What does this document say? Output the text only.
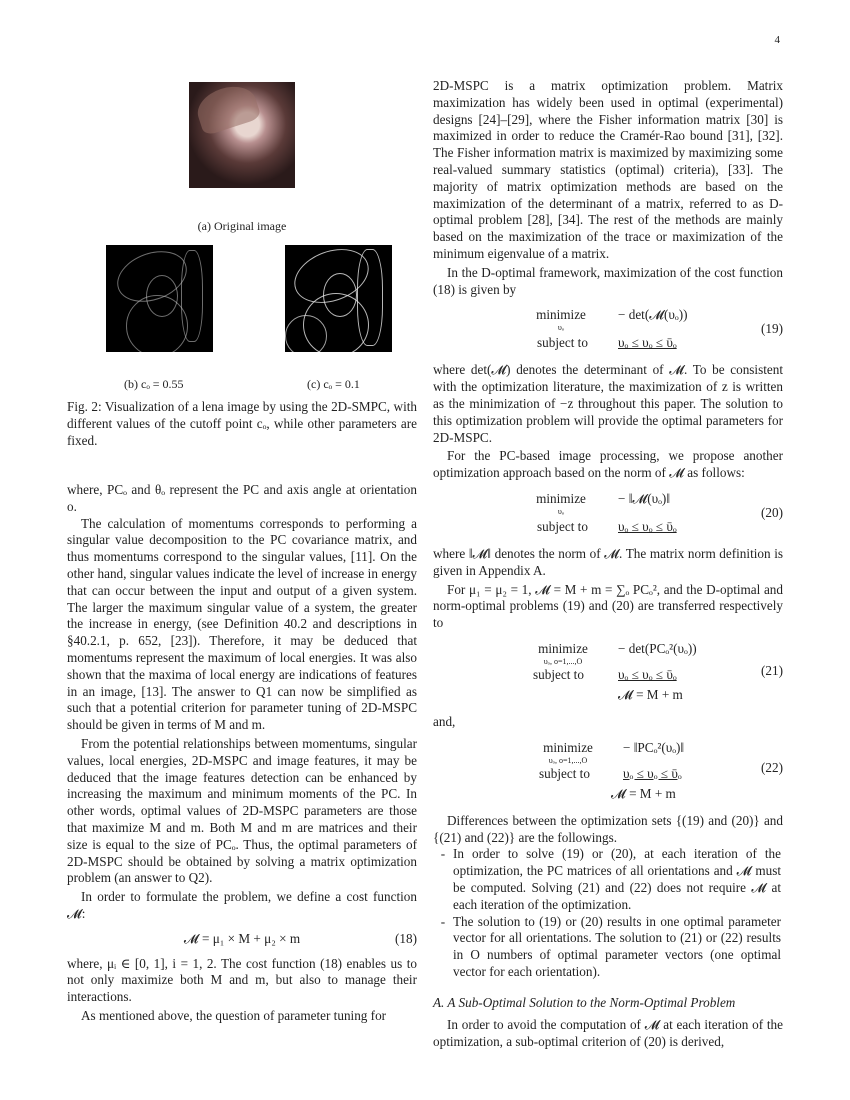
4
(a) Original image
(b) cₒ = 0.55	(c) cₒ = 0.1
Fig. 2: Visualization of a lena image by using the 2D-SMPC, with different values of the cutoff point cₒ, while other parameters are fixed.

where, PCₒ and θₒ represent the PC and axis angle at orientation o.

The calculation of momentums corresponds to performing a singular value decomposition to the PC covariance matrix, and thus momentums correspond to the singular values, [11]. On the other hand, singular values indicate the level of increase in energy that can occur between the input and output of a given system. The larger the maximum singular value of a system, the greater the increase in energy, (see Definition 40.2 and descriptions in §40.2.1, p. 652, [23]). Therefore, it may be deduced that momentums represent the maximum of local energies. It was also shown that the maxima of local energy are indications of features in an image, [13]. The answer to Q1 can now be simplified as such that a potential criterion for parameter tuning of 2D-MSPC should be given in terms of M and m.

From the potential relationships between momentums, singular values, local energies, 2D-MSPC and image features, it may be deduced that the image features detection can be enhanced by increasing the maximum and minimum moments of the PC. In other words, optimal values of 2D-MSPC parameters are those that maximize M and m. Both M and m are matrices and their size is equal to the size of PCₒ. Thus, the optimal parameters of 2D-MSPC should be obtained by solving a matrix optimization problem (an answer to Q2).

In order to formulate the problem, we define a cost function 𝓜:

𝓜 = μ₁ × M + μ₂ × m	(18)

where, μᵢ ∈ [0, 1], i = 1, 2. The cost function (18) enables us to not only maximize both M and m, but also to manage their interactions.

As mentioned above, the question of parameter tuning for

2D-MSPC is a matrix optimization problem. Matrix maximization has widely been used in optimal (experimental) designs [24]–[29], where the Fisher information matrix [30] is maximized in order to reduce the Cramér-Rao bound [31], [32]. The Fisher information matrix is maximized by maximizing some real-valued summary statistics (optimal) criteria), [33]. The majority of matrix optimization methods are based on the maximization of the determinant of a matrix, referred to as D-optimal problem [28], [34]. The rest of the methods are mainly based on the maximization of the trace or maximization of the minimum eigenvalue of a matrix.

In the D-optimal framework, maximization of the cost function (18) is given by

minimize
υₒ
− det(𝓜(υₒ))
subject to υₒ ≤ υₒ ≤ ῡₒ
(19)

where det(𝓜) denotes the determinant of 𝓜. To be consistent with the optimization literature, the maximization of z is written as the minimization of −z throughout this paper. The solution to this optimization problem will provide the optimal parameters for 2D-MSPC.

For the PC-based image processing, we propose another optimization approach based on the norm of 𝓜 as follows:

minimize
υₒ
− ‖𝓜(υₒ)‖
subject to υₒ ≤ υₒ ≤ ῡₒ
(20)

where ‖𝓜‖ denotes the norm of 𝓜. The matrix norm definition is given in Appendix A.

For μ₁ = μ₂ = 1, 𝓜 = M + m = ∑ₒ PCₒ², and the D-optimal and norm-optimal problems (19) and (20) are transferred respectively to

minimize
υₒ, o=1,...,O
− det(PCₒ²(υₒ))
subject to	υₒ ≤ υₒ ≤ ῡₒ
𝓜 = M + m
(21)

and,

minimize
υₒ, o=1,...,O
− ‖PCₒ²(υₒ)‖
subject to	υₒ ≤ υₒ ≤ ῡₒ
𝓜 = M + m
(22)

Differences between the optimization sets {(19) and (20)} and {(21) and (22)} are the followings.

- In order to solve (19) or (20), at each iteration of the optimization, the PC matrices of all orientations and 𝓜 must be computed. Solving (21) and (22) does not require 𝓜 at each iteration of the optimization.
- The solution to (19) or (20) results in one optimal parameter vector for all orientations. The solution to (21) or (22) results in O numbers of optimal parameter vectors (one optimal vector for each orientation).
A. A Sub-Optimal Solution to the Norm-Optimal Problem

In order to avoid the computation of 𝓜 at each iteration of the optimization, a sub-optimal criterion of (20) is derived,
